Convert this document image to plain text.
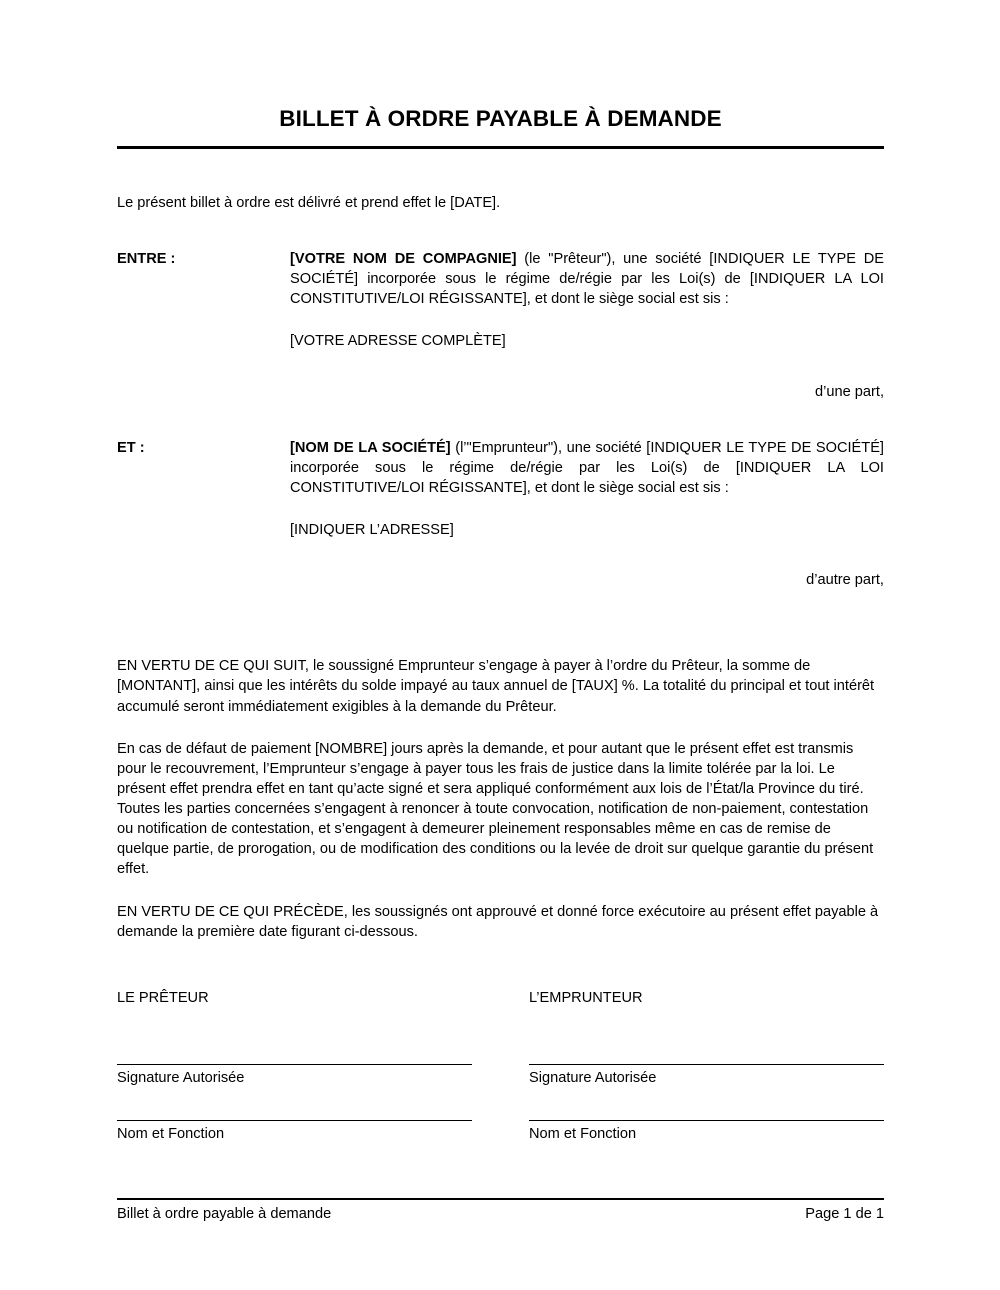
BILLET À ORDRE PAYABLE À DEMANDE

Le présent billet à ordre est délivré et prend effet le [DATE].

ENTRE :	[VOTRE NOM DE COMPAGNIE] (le "Prêteur"), une société [INDIQUER LE TYPE DE SOCIÉTÉ] incorporée sous le régime de/régie par les Loi(s) de [INDIQUER LA LOI CONSTITUTIVE/LOI RÉGISSANTE], et dont le siège social est sis :
[VOTRE ADRESSE COMPLÈTE]
d’une part,
ET :	[NOM DE LA SOCIÉTÉ] (l’"Emprunteur"), une société [INDIQUER LE TYPE DE SOCIÉTÉ] incorporée sous le régime de/régie par les Loi(s) de [INDIQUER LA LOI CONSTITUTIVE/LOI RÉGISSANTE], et dont le siège social est sis :
[INDIQUER L’ADRESSE]
d’autre part,

EN VERTU DE CE QUI SUIT, le soussigné Emprunteur s’engage à payer à l’ordre du Prêteur, la somme de [MONTANT], ainsi que les intérêts du solde impayé au taux annuel de [TAUX] %. La totalité du principal et tout intérêt accumulé seront immédiatement exigibles à la demande du Prêteur.

En cas de défaut de paiement [NOMBRE] jours après la demande, et pour autant que le présent effet est transmis pour le recouvrement, l’Emprunteur s’engage à payer tous les frais de justice dans la limite tolérée par la loi. Le présent effet prendra effet en tant qu’acte signé et sera appliqué conformément aux lois de l’État/la Province du tiré. Toutes les parties concernées s’engagent à renoncer à toute convocation, notification de non-paiement, contestation ou notification de contestation, et s’engagent à demeurer pleinement responsables même en cas de remise de quelque partie, de prorogation, ou de modification des conditions ou la levée de droit sur quelque garantie du présent effet.

EN VERTU DE CE QUI PRÉCÈDE, les soussignés ont approuvé et donné force exécutoire au présent effet payable à demande la première date figurant ci-dessous.

LE PRÊTEUR	L’EMPRUNTEUR
Signature Autorisée	Signature Autorisée
Nom et Fonction	Nom et Fonction
Billet à ordre payable à demande	Page 1 de 1
